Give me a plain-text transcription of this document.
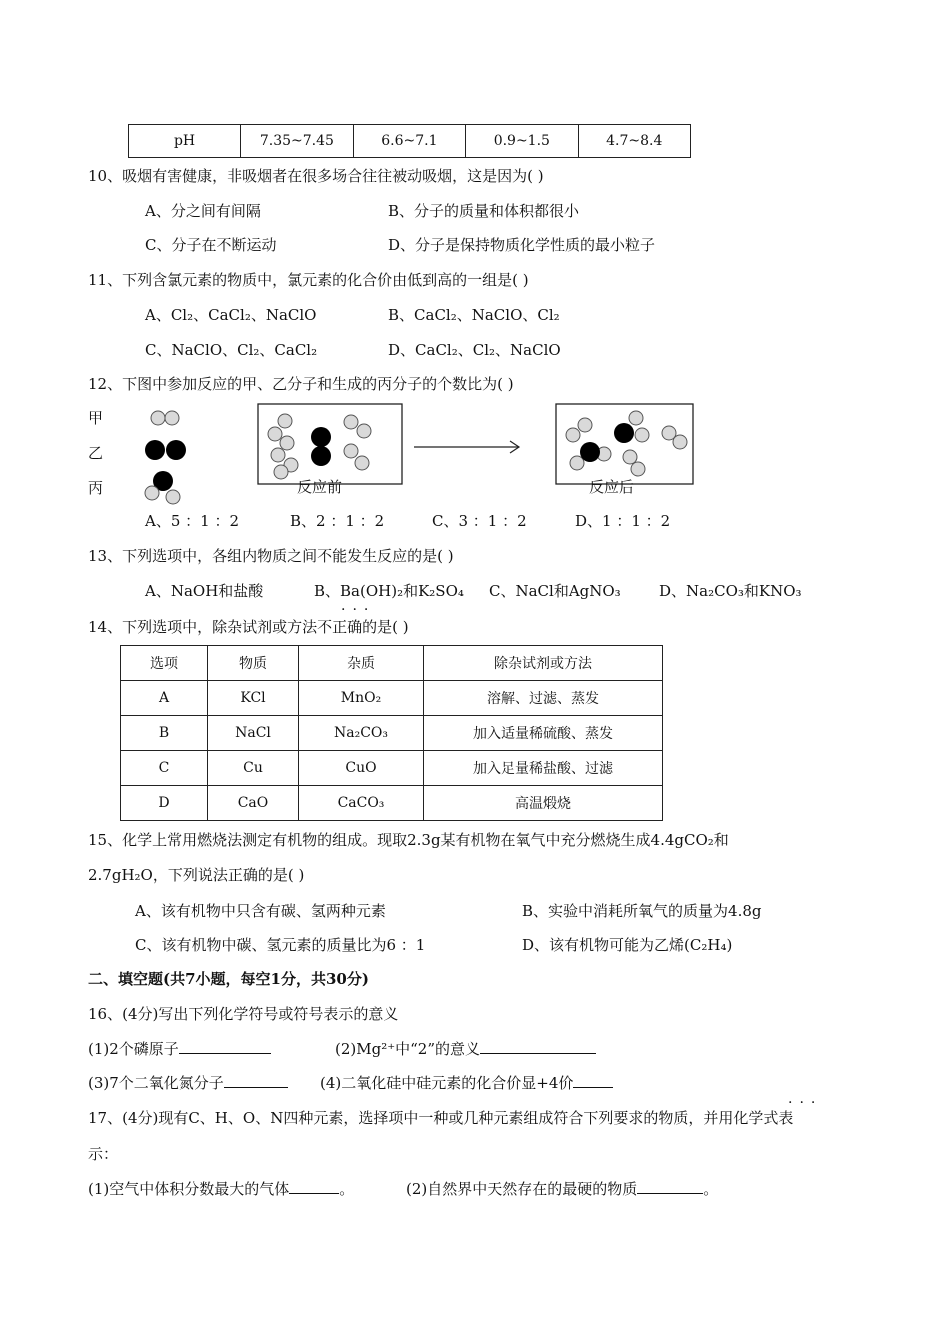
pH	7.35~7.45	6.6~7.1	0.9~1.5	4.7~8.4
10、吸烟有害健康，非吸烟者在很多场合往往被动吸烟，这是因为( )
A、分之间有间隔	B、分子的质量和体积都很小
C、分子在不断运动	D、分子是保持物质化学性质的最小粒子
11、下列含氯元素的物质中，氯元素的化合价由低到高的一组是( )
A、Cl₂、CaCl₂、NaClO	B、CaCl₂、NaClO、Cl₂
C、NaClO、Cl₂、CaCl₂	D、CaCl₂、Cl₂、NaClO
12、下图中参加反应的甲、乙分子和生成的丙分子的个数比为( )
甲
乙
丙	反应前	反应后
A、5 ：1 ：2	B、2 ：1 ：2	C、3 ：1 ：2	D、1 ：1 ：2
13、下列选项中，各组内物质之间不能发生反应的是( )
A、NaOH和盐酸	B、Ba(OH)₂和K₂SO₄ C、NaCl和AgNO₃	D、Na₂CO₃和KNO₃
...
14、下列选项中，除杂试剂或方法不正确的是( )
选项	物质	杂质	除杂试剂或方法
A	KCl	MnO₂	溶解、过滤、蒸发
B	NaCl	Na₂CO₃	加入适量稀硫酸、蒸发
C	Cu	CuO	加入足量稀盐酸、过滤
D	CaO	CaCO₃	高温煅烧
15、化学上常用燃烧法测定有机物的组成。现取2.3g某有机物在氧气中充分燃烧生成4.4gCO₂和
2.7gH₂O，下列说法正确的是( )
A、该有机物中只含有碳、氢两种元素	B、实验中消耗所氧气的质量为4.8g
C、该有机物中碳、氢元素的质量比为6 ：1	D、该有机物可能为乙烯(C₂H₄)
二、填空题(共7小题，每空1分，共30分)
16、(4分)写出下列化学符号或符号表示的意义
(1)2个磷原子	(2)Mg²⁺中“2”的意义
(3)7个二氧化氮分子	(4)二氧化硅中硅元素的化合价显+4价
...
17、(4分)现有C、H、O、N四种元素，选择项中一种或几种元素组成符合下列要求的物质，并用化学式表
示：
(1)空气中体积分数最大的气体	。	(2)自然界中天然存在的最硬的物质	。
